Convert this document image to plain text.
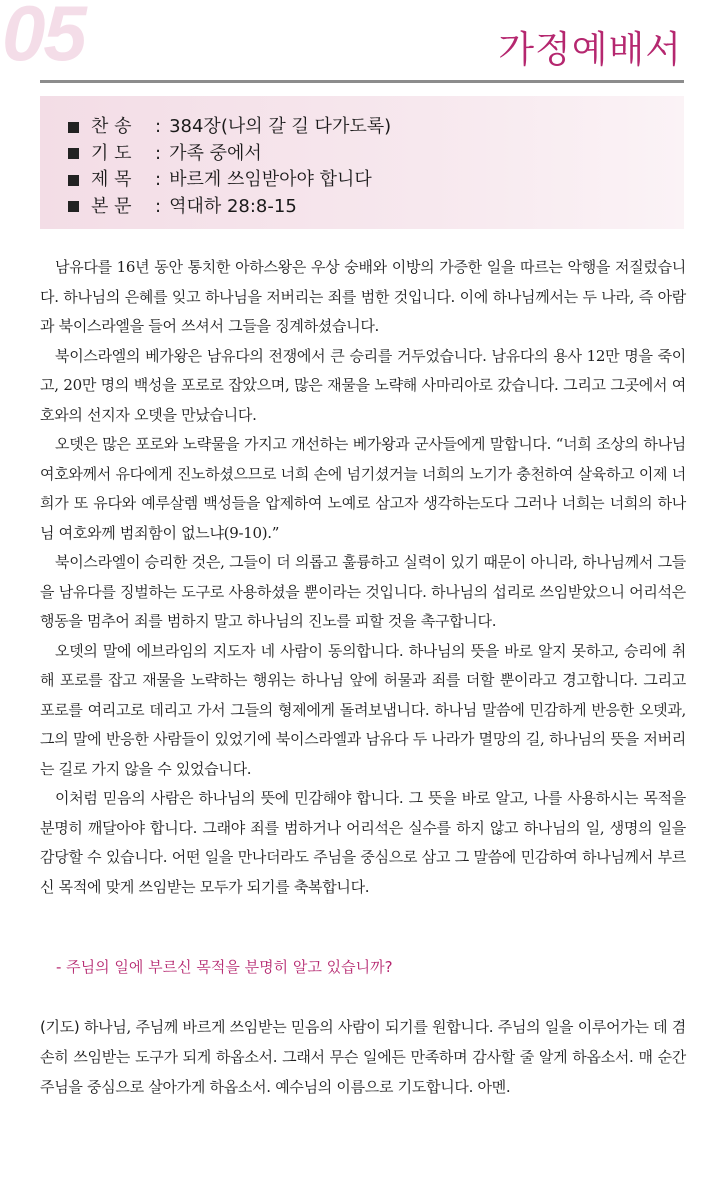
05	가정예배서
찬 송	: 384장(나의 갈 길 다가도록)
기 도	: 가족 중에서
제 목	: 바르게 쓰임받아야 합니다
본 문	: 역대하 28:8-15

남유다를 16년 동안 통치한 아하스왕은 우상 숭배와 이방의 가증한 일을 따르는 악행을 저질렀습니다. 하나님의 은혜를 잊고 하나님을 저버리는 죄를 범한 것입니다. 이에 하나님께서는 두 나라, 즉 아람과 북이스라엘을 들어 쓰셔서 그들을 징계하셨습니다.

북이스라엘의 베가왕은 남유다의 전쟁에서 큰 승리를 거두었습니다. 남유다의 용사 12만 명을 죽이고, 20만 명의 백성을 포로로 잡았으며, 많은 재물을 노략해 사마리아로 갔습니다. 그리고 그곳에서 여호와의 선지자 오뎃을 만났습니다.

오뎃은 많은 포로와 노략물을 가지고 개선하는 베가왕과 군사들에게 말합니다. “너희 조상의 하나님 여호와께서 유다에게 진노하셨으므로 너희 손에 넘기셨거늘 너희의 노기가 충천하여 살육하고 이제 너희가 또 유다와 예루살렘 백성들을 압제하여 노예로 삼고자 생각하는도다 그러나 너희는 너희의 하나님 여호와께 범죄함이 없느냐(9-10).”

북이스라엘이 승리한 것은, 그들이 더 의롭고 훌륭하고 실력이 있기 때문이 아니라, 하나님께서 그들을 남유다를 징벌하는 도구로 사용하셨을 뿐이라는 것입니다. 하나님의 섭리로 쓰임받았으니 어리석은 행동을 멈추어 죄를 범하지 말고 하나님의 진노를 피할 것을 촉구합니다.

오뎃의 말에 에브라임의 지도자 네 사람이 동의합니다. 하나님의 뜻을 바로 알지 못하고, 승리에 취해 포로를 잡고 재물을 노략하는 행위는 하나님 앞에 허물과 죄를 더할 뿐이라고 경고합니다. 그리고 포로를 여리고로 데리고 가서 그들의 형제에게 돌려보냅니다. 하나님 말씀에 민감하게 반응한 오뎃과, 그의 말에 반응한 사람들이 있었기에 북이스라엘과 남유다 두 나라가 멸망의 길, 하나님의 뜻을 저버리는 길로 가지 않을 수 있었습니다.

이처럼 믿음의 사람은 하나님의 뜻에 민감해야 합니다. 그 뜻을 바로 알고, 나를 사용하시는 목적을 분명히 깨달아야 합니다. 그래야 죄를 범하거나 어리석은 실수를 하지 않고 하나님의 일, 생명의 일을 감당할 수 있습니다. 어떤 일을 만나더라도 주님을 중심으로 삼고 그 말씀에 민감하여 하나님께서 부르신 목적에 맞게 쓰임받는 모두가 되기를 축복합니다.

- 주님의 일에 부르신 목적을 분명히 알고 있습니까?
(기도) 하나님, 주님께 바르게 쓰임받는 믿음의 사람이 되기를 원합니다. 주님의 일을 이루어가는 데 겸손히 쓰임받는 도구가 되게 하옵소서. 그래서 무슨 일에든 만족하며 감사할 줄 알게 하옵소서. 매 순간 주님을 중심으로 살아가게 하옵소서. 예수님의 이름으로 기도합니다. 아멘.
